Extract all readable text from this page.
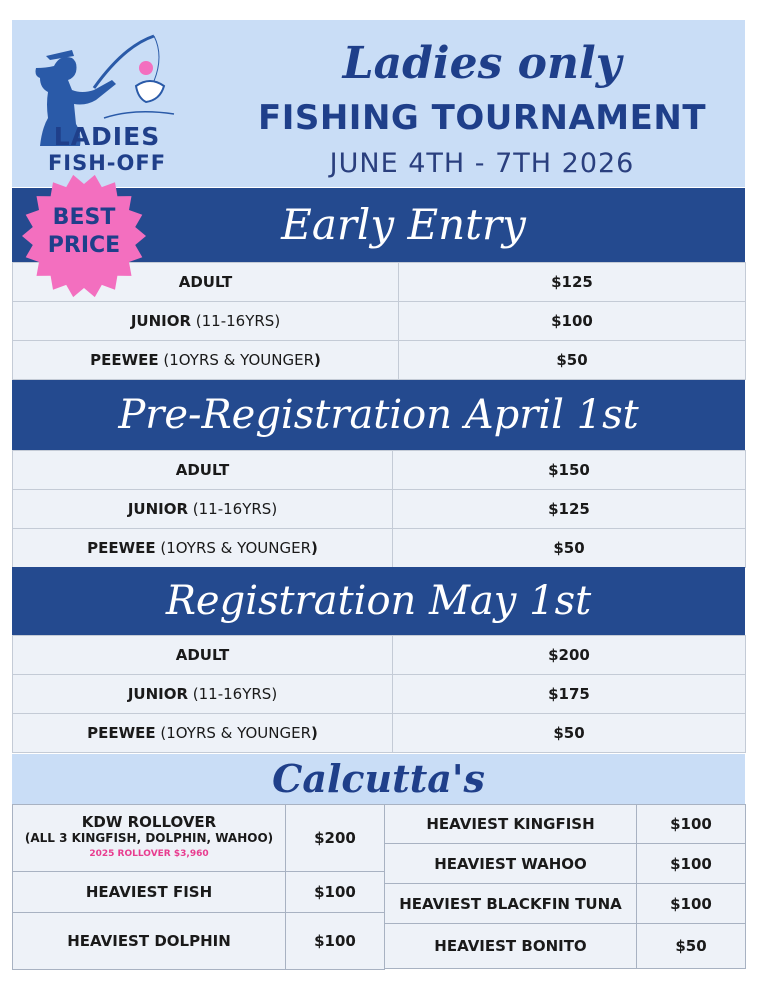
LADIES
FISH-OFF
Ladies only
FISHING TOURNAMENT
JUNE 4TH - 7TH 2026
Early Entry
ADULT	$125
JUNIOR (11-16YRS)	$100
PEEWEE (1OYRS & YOUNGER)	$50
Pre-Registration April 1st
ADULT	$150
JUNIOR (11-16YRS)	$125
PEEWEE (1OYRS & YOUNGER)	$50
Registration May 1st
ADULT	$200
JUNIOR (11-16YRS)	$175
PEEWEE (1OYRS & YOUNGER)	$50
Calcutta's
KDW ROLLOVER
(ALL 3 KINGFISH, DOLPHIN, WAHOO)
2025 ROLLOVER $3,960	$200
HEAVIEST FISH	$100
HEAVIEST DOLPHIN	$100
HEAVIEST KINGFISH	$100
HEAVIEST WAHOO	$100
HEAVIEST BLACKFIN TUNA	$100
HEAVIEST BONITO	$50
BEST
PRICE
